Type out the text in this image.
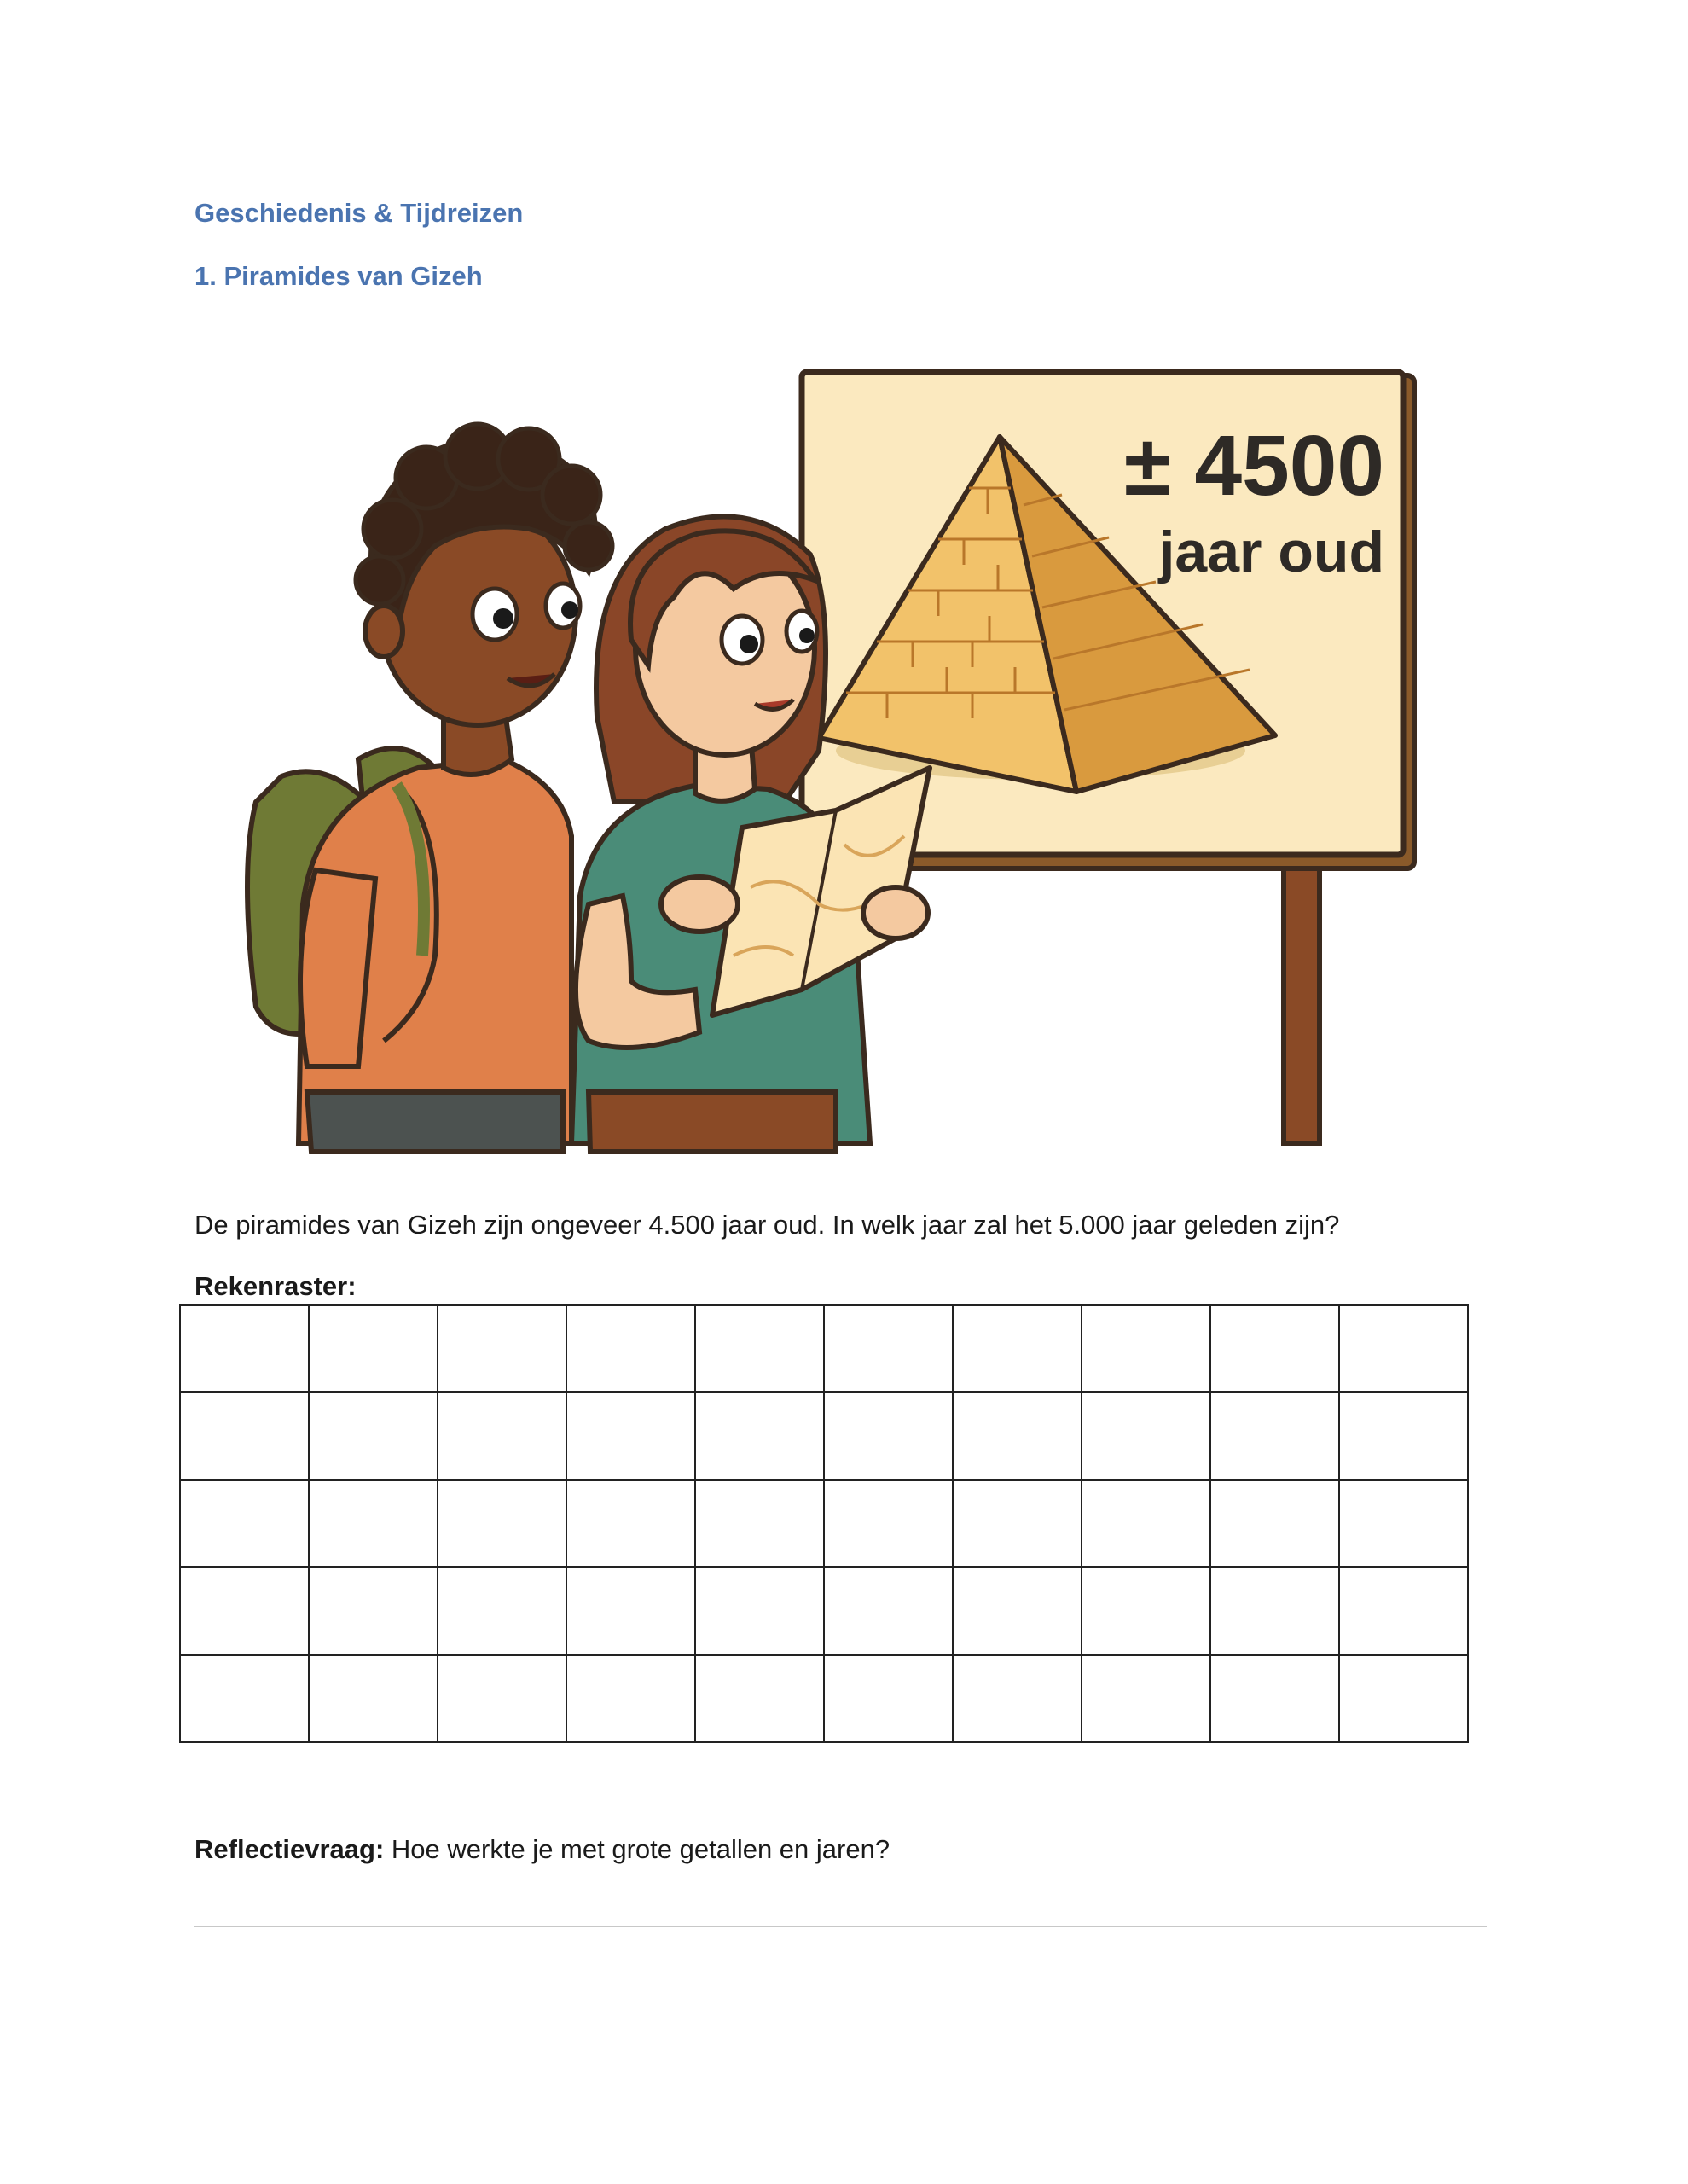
Geschiedenis & Tijdreizen
1. Piramides van Gizeh
± 4500
jaar oud

De piramides van Gizeh zijn ongeveer 4.500 jaar oud. In welk jaar zal het 5.000 jaar geleden zijn?

Rekenraster:

Reflectievraag: Hoe werkte je met grote getallen en jaren?
